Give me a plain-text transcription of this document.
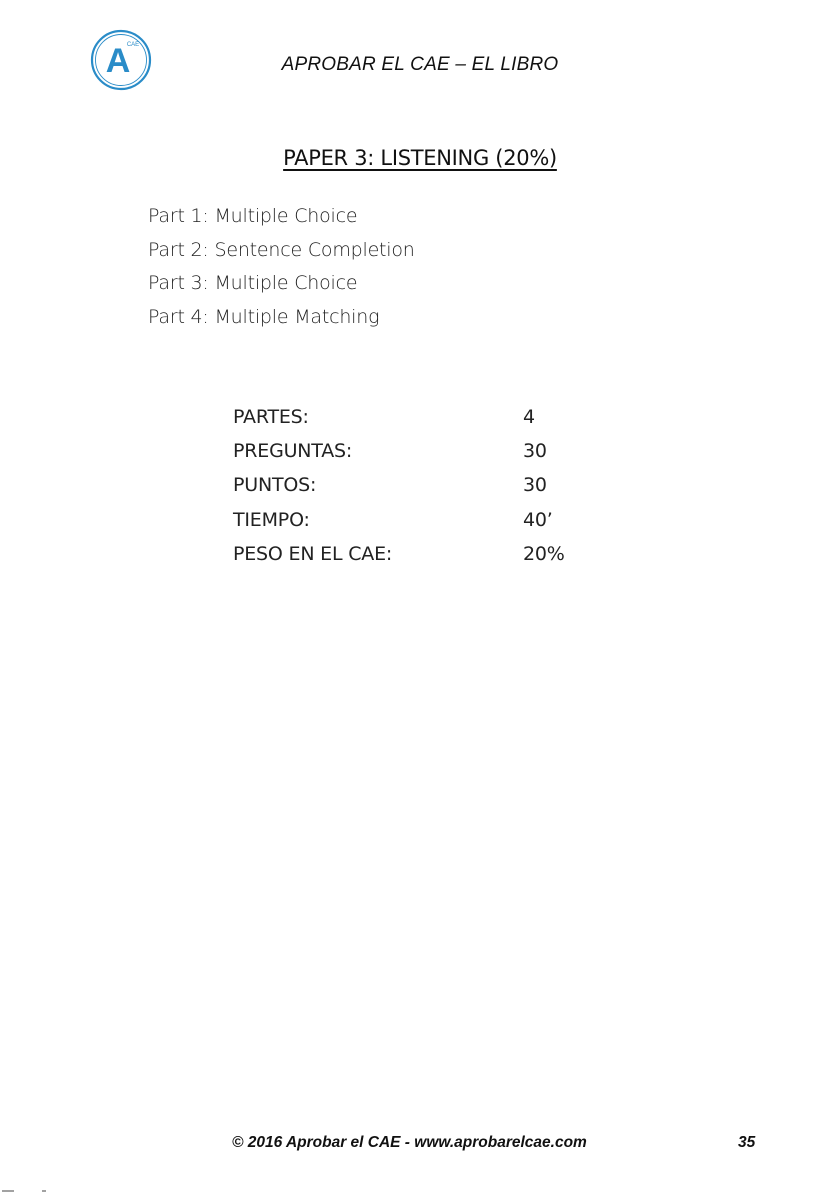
A
CAE
APROBAR EL CAE – EL LIBRO
PAPER 3: LISTENING (20%)
Part 1: Multiple Choice
Part 2: Sentence Completion
Part 3: Multiple Choice
Part 4: Multiple Matching
PARTES:	4
PREGUNTAS:	30
PUNTOS:	30
TIEMPO:	40’
PESO EN EL CAE:	20%
© 2016 Aprobar el CAE - www.aprobarelcae.com	35
